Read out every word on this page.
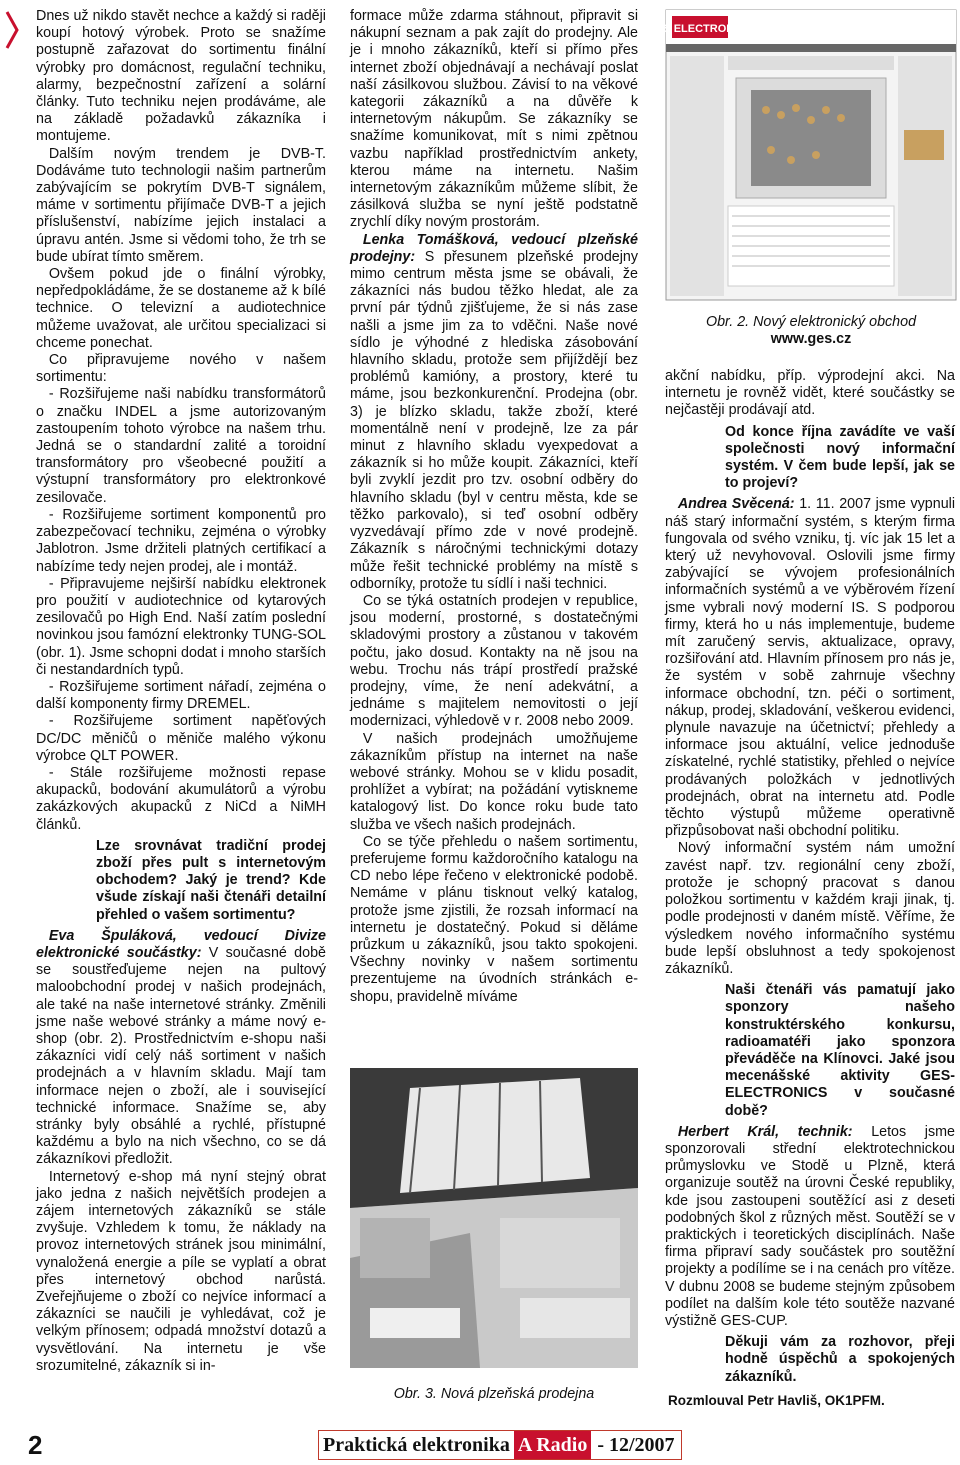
Dnes už nikdo stavět nechce a každý si raději koupí hotový výrobek. Proto se snažíme postupně zařazovat do sortimentu finální výrobky pro domácnost, regulační techniku, alarmy, bezpečnostní zařízení a solární články. Tuto techniku nejen prodáváme, ale na základě požadavků zákazníka i montujeme.

Dalším novým trendem je DVB-T. Dodáváme tuto technologii našim partnerům zabývajícím se pokrytím DVB-T signálem, máme v sortimentu přijímače DVB-T a jejich příslušenství, nabízíme jejich instalaci a úpravu antén. Jsme si vědomi toho, že trh se bude ubírat tímto směrem.

Ovšem pokud jde o finální výrobky, nepředpokládáme, že se dostaneme až k bílé technice. O televizní a audiotechnice můžeme uvažovat, ale určitou specializaci si chceme ponechat.

Co připravujeme nového v našem sortimentu:

- Rozšiřujeme naši nabídku transformátorů o značku INDEL a jsme autorizovaným zastoupením tohoto výrobce na našem trhu. Jedná se o standardní zalité a toroidní transformátory pro všeobecné použití a výstupní transformátory pro elektronkové zesilovače.

- Rozšiřujeme sortiment komponentů pro zabezpečovací techniku, zejména o výrobky Jablotron. Jsme držiteli platných certifikací a nabízíme tedy nejen prodej, ale i montáž.

- Připravujeme nejširší nabídku elektronek pro použití v audiotechnice od kytarových zesilovačů po High End. Naší zatím poslední novinkou jsou famózní elektronky TUNG-SOL (obr. 1). Jsme schopni dodat i mnoho starších či nestandardních typů.

- Rozšiřujeme sortiment nářadí, zejména o další komponenty firmy DREMEL.

- Rozšiřujeme sortiment napěťových DC/DC měničů o měniče malého výkonu výrobce QLT POWER.

- Stále rozšiřujeme možnosti repase akupacků, bodování akumulátorů a výrobu zakázkových akupacků z NiCd a NiMH článků.

Lze srovnávat tradiční prodej zboží přes pult s internetovým obchodem? Jaký je trend? Kde všude získají naši čtenáři detailní přehled o vašem sortimentu?

Eva Špuláková, vedoucí Divize elektronické součástky: V současné době se soustřeďujeme nejen na pultový maloobchodní prodej v našich prodejnách, ale také na naše internetové stránky. Změnili jsme naše webové stránky a máme nový e-shop (obr. 2). Prostřednictvím e-shopu naši zákazníci vidí celý náš sortiment v našich prodejnách a v hlavním skladu. Mají tam informace nejen o zboží, ale i související technické informace. Snažíme se, aby stránky byly obsáhlé a rychlé, přístupné každému a bylo na nich všechno, co se dá zákazníkovi předložit.

Internetový e-shop má nyní stejný obrat jako jedna z našich největších prodejen a zájem internetových zákazníků se stále zvyšuje. Vzhledem k tomu, že náklady na provoz internetových stránek jsou minimální, vynaložená energie a píle se vyplatí a obrat přes internetový obchod narůstá. Zveřejňujeme o zboží co nejvíce informací a zákazníci se naučili je vyhledávat, což je velkým přínosem; odpadá množství dotazů a vysvětlování. Na internetu je vše srozumitelné, zákazník si in-

formace může zdarma stáhnout, připravit si nákupní seznam a pak zajít do prodejny. Ale je i mnoho zákazníků, kteří si přímo přes internet zboží objednávají a nechávají poslat naší zásilkovou službou. Závisí to na věkové kategorii zákazníků a na důvěře k internetovým nákupům. Se zákazníky se snažíme komunikovat, mít s nimi zpětnou vazbu například prostřednictvím ankety, kterou máme na internetu. Našim internetovým zákazníkům můžeme slíbit, že zásilková služba se nyní ještě podstatně zrychlí díky novým prostorám.

Lenka Tomášková, vedoucí plzeňské prodejny: S přesunem plzeňské prodejny mimo centrum města jsme se obávali, že zákazníci nás budou těžko hledat, ale za první pár týdnů zjišťujeme, že si nás zase našli a jsme jim za to vděčni. Naše nové sídlo je výhodné z hlediska zásobování hlavního skladu, protože sem přijíždějí bez problémů kamióny, a prostory, které tu máme, jsou bezkonkurenční. Prodejna (obr. 3) je blízko skladu, takže zboží, které momentálně není v prodejně, lze za pár minut z hlavního skladu vyexpedovat a zákazník si ho může koupit. Zákazníci, kteří byli zvyklí jezdit pro tzv. osobní odběry do hlavního skladu (byl v centru města, kde se těžko parkovalo), si teď osobní odběry vyzvedávají přímo zde v nové prodejně. Zákazník s náročnými technickými dotazy může řešit technické problémy na místě s odborníky, protože tu sídlí i naši technici.

Co se týká ostatních prodejen v republice, jsou moderní, prostorné, s dostatečnými skladovými prostory a zůstanou v takovém počtu, jako dosud. Kontakty na ně jsou na webu. Trochu nás trápí prostředí pražské prodejny, víme, že není adekvátní, a jednáme s majitelem nemovitosti o její modernizaci, výhledově v r. 2008 nebo 2009.

V našich prodejnách umožňujeme zákazníkům přístup na internet na naše webové stránky. Mohou se v klidu posadit, prohlížet a vybírat; na požádání vytiskneme katalogový list. Do konce roku bude tato služba ve všech našich prodejnách.

Co se týče přehledu o našem sortimentu, preferujeme formu každoročního katalogu na CD nebo lépe řečeno v elektronické podobě. Nemáme v plánu tisknout velký katalog, protože jsme zjistili, že rozsah informací na internetu je dostatečný. Pokud si děláme průzkum u zákazníků, jsou takto spokojeni. Všechny novinky v našem sortimentu prezentujeme na úvodních stránkách e-shopu, pravidelně míváme

Obr. 3. Nová plzeňská prodejna
GES ELECTRONICS
Obr. 2. Nový elektronický obchod
www.ges.cz

akční nabídku, příp. výprodejní akci. Na internetu je rovněž vidět, které součástky se nejčastěji prodávají atd.

Od konce října zavádíte ve vaší společnosti nový informační systém. V čem bude lepší, jak se to projeví?

Andrea Svěcená: 1. 11. 2007 jsme vypnuli náš starý informační systém, s kterým firma fungovala od svého vzniku, tj. víc jak 15 let a který už nevyhovoval. Oslovili jsme firmy zabývající se vývojem profesionálních informačních systémů a ve výběrovém řízení jsme vybrali nový moderní IS. S podporou firmy, která ho u nás implementuje, budeme mít zaručený servis, aktualizace, opravy, rozšiřování atd. Hlavním přínosem pro nás je, že systém v sobě zahrnuje všechny informace obchodní, tzn. péči o sortiment, nákup, prodej, skladování, veškerou evidenci, plynule navazuje na účetnictví; přehledy a informace jsou aktuální, velice jednoduše získatelné, rychlé statistiky, přehled o nejvíce prodávaných položkách v jednotlivých prodejnách, obrat na internetu atd. Podle těchto výstupů můžeme operativně přizpůsobovat naši obchodní politiku.

Nový informační systém nám umožní zavést např. tzv. regionální ceny zboží, protože je schopný pracovat s danou položkou sortimentu v každém kraji jinak, tj. podle prodejnosti v daném místě. Věříme, že výsledkem nového informačního systému bude lepší obsluhnost a tedy spokojenost zákazníků.

Naši čtenáři vás pamatují jako sponzory našeho konstruktérského konkursu, radioamatéři jako sponzora převáděče na Klínovci. Jaké jsou mecenášské aktivity GES-ELECTRONICS v současné době?

Herbert Král, technik: Letos jsme sponzorovali střední elektrotechnickou průmyslovku ve Stodě u Plzně, která organizuje soutěž na úrovni České republiky, kde jsou zastoupeni soutěžící asi z deseti podobných škol z různých měst. Soutěží se v praktických i teoretických disciplínách. Naše firma připraví sady součástek pro soutěžní projekty a podílíme se i na cenách pro vítěze. V dubnu 2008 se budeme stejným způsobem podílet na dalším kole této soutěže nazvané výstižně GES-CUP.

Děkuji vám za rozhovor, přeji hodně úspěchů a spokojených zákazníků.

Rozmlouval Petr Havliš, OK1PFM.
2	Praktická elektronika A Radio - 12/2007
